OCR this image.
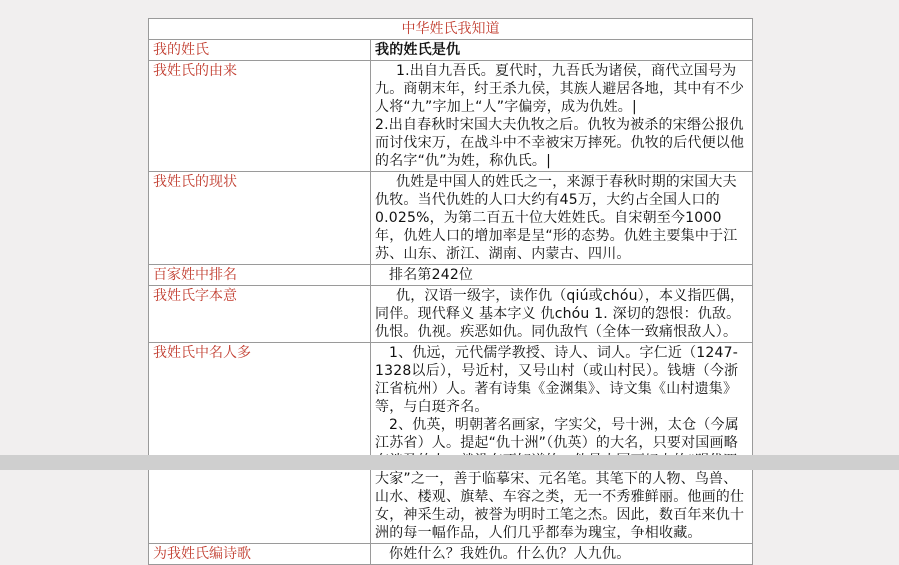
中华姓氏我知道	
我的姓氏	我的姓氏是仇

我姓氏的由来	1.出自九吾氏。夏代时，九吾氏为诸侯，商代立国号为九。商朝末年，纣王杀九侯，其族人避居各地，其中有不少人将“九”字加上“人”字偏旁，成为仇姓。|
2.出自春秋时宋国大夫仇牧之后。仇牧为被杀的宋缗公报仇而讨伐宋万，在战斗中不幸被宋万摔死。仇牧的后代便以他的名字“仇”为姓，称仇氏。|

我姓氏的现状	仇姓是中国人的姓氏之一，来源于春秋时期的宋国大夫仇牧。当代仇姓的人口大约有45万，大约占全国人口的0.025%，为第二百五十位大姓姓氏。自宋朝至今1000年，仇姓人口的增加率是呈“形的态势。仇姓主要集中于江苏、山东、浙江、湖南、内蒙古、四川。

百家姓中排名	排名第242位

我姓氏字本意	仇，汉语一级字，读作仇（qiú或chóu），本义指匹偶，同伴。现代释义 基本字义 仇chóu 1. 深切的怨恨：仇敌。仇恨。仇视。疾恶如仇。同仇敌忾（全体一致痛恨敌人）。

我姓氏中名人多	1、仇远，元代儒学教授、诗人、词人。字仁近（1247-1328以后），号近村，又号山村（或山村民）。钱塘（今浙江省杭州）人。著有诗集《金渊集》、诗文集《山村遗集》等，与白珽齐名。
2、仇英，明朝著名画家，字实父，号十洲，太仓（今属江苏省）人。提起“仇十洲”（仇英）的大名，只要对国画略 大家”之一，善于临摹宋、元名笔。其笔下的人物、鸟兽、山水、楼观、旗辇、车容之类，无一不秀雅鲜丽。他画的仕女，神采生动，被誉为明时工笔之杰。因此，数百年来仇十洲的每一幅作品，人们几乎都奉为瑰宝，争相收藏。

为我姓氏编诗歌	你姓什么？我姓仇。什么仇？人九仇。
